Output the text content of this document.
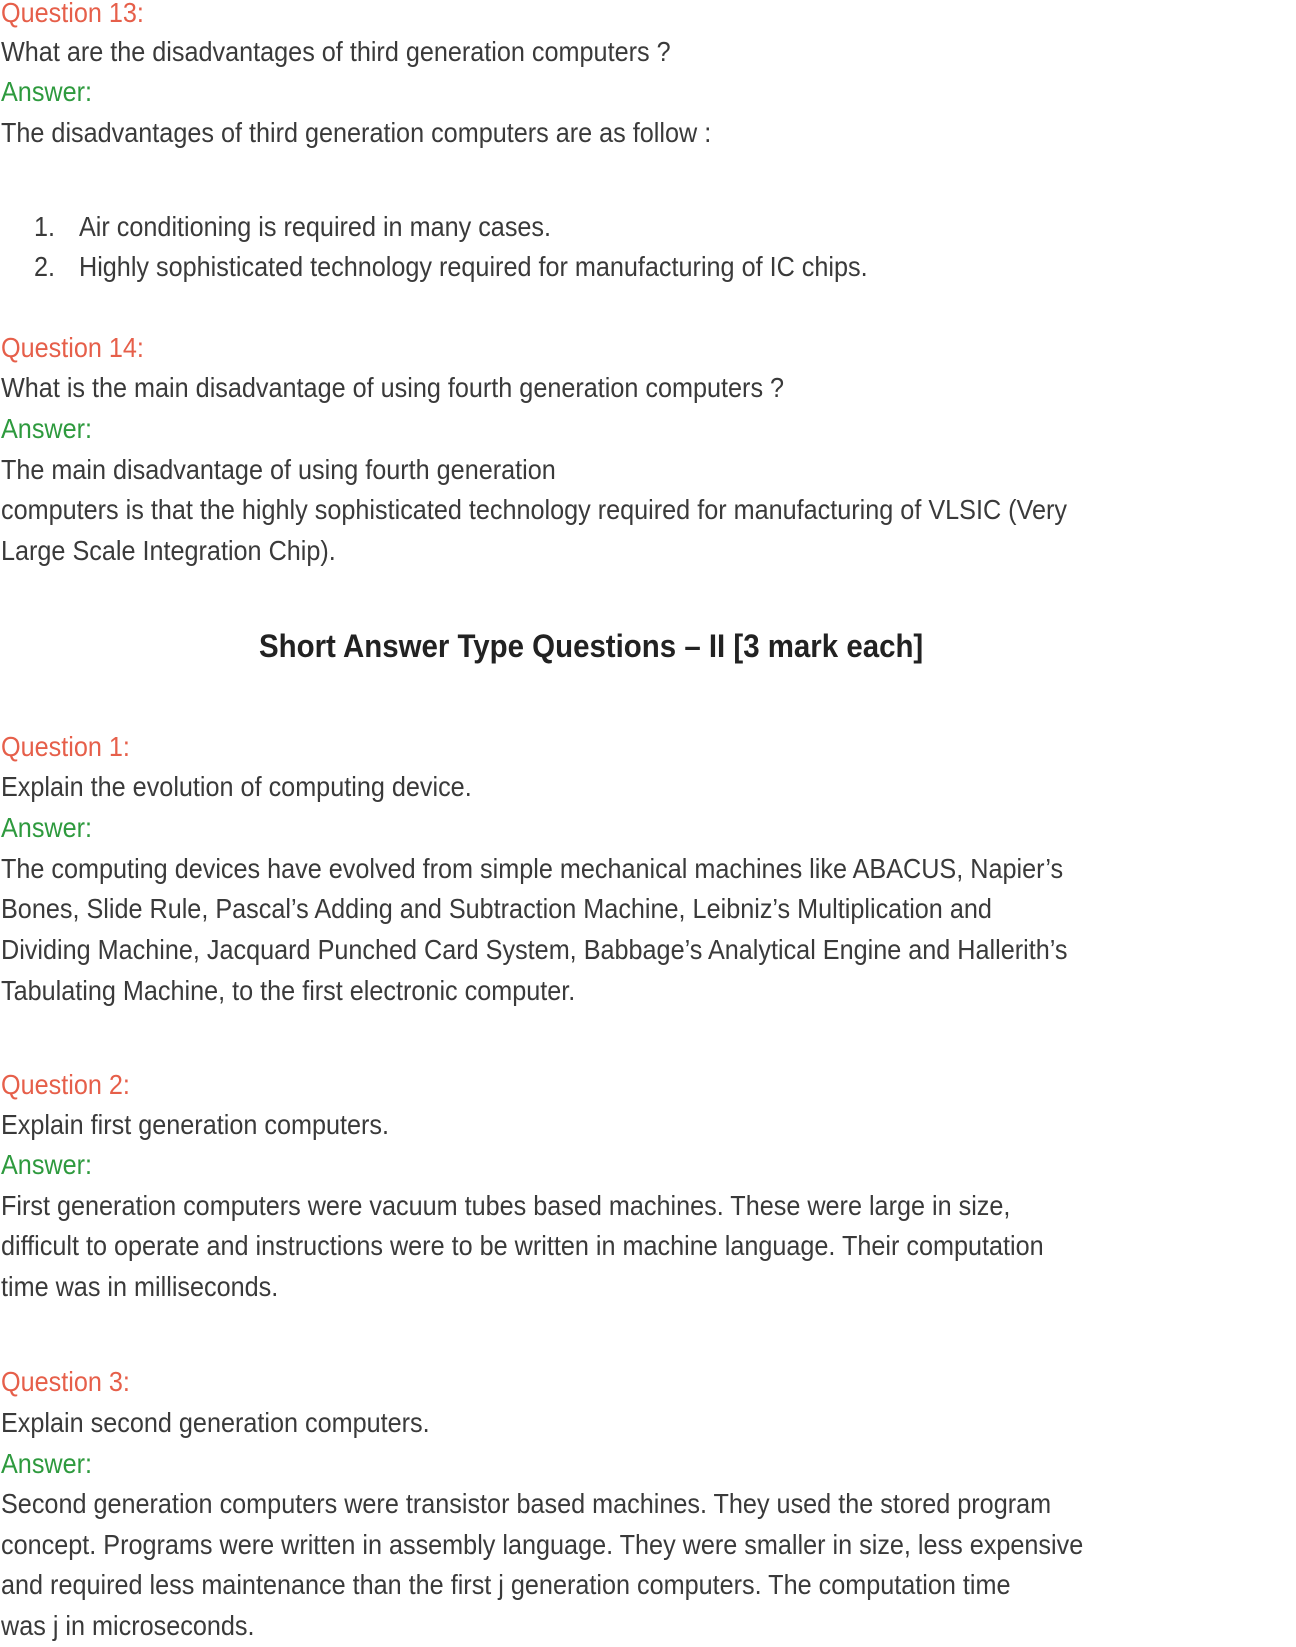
Question 13:
What are the disadvantages of third generation computers ?
Answer:
The disadvantages of third generation computers are as follow :
1. Air conditioning is required in many cases.
2. Highly sophisticated technology required for manufacturing of IC chips.
Question 14:
What is the main disadvantage of using fourth generation computers ?
Answer:
The main disadvantage of using fourth generation
computers is that the highly sophisticated technology required for manufacturing of VLSIC (Very
Large Scale Integration Chip).
Short Answer Type Questions – II [3 mark each]
Question 1:
Explain the evolution of computing device.
Answer:
The computing devices have evolved from simple mechanical machines like ABACUS, Napier’s
Bones, Slide Rule, Pascal’s Adding and Subtraction Machine, Leibniz’s Multiplication and
Dividing Machine, Jacquard Punched Card System, Babbage’s Analytical Engine and Hallerith’s
Tabulating Machine, to the first electronic computer.
Question 2:
Explain first generation computers.
Answer:
First generation computers were vacuum tubes based machines. These were large in size,
difficult to operate and instructions were to be written in machine language. Their computation
time was in milliseconds.
Question 3:
Explain second generation computers.
Answer:
Second generation computers were transistor based machines. They used the stored program
concept. Programs were written in assembly language. They were smaller in size, less expensive
and required less maintenance than the first j generation computers. The computation time
was j in microseconds.
